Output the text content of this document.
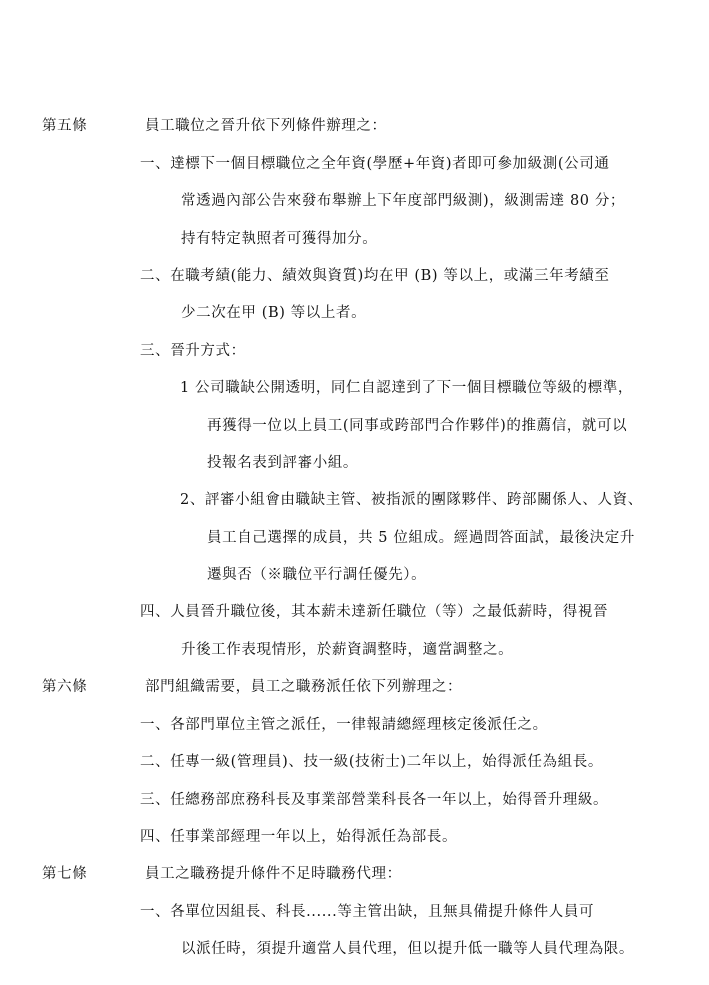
第五條	員工職位之晉升依下列條件辦理之：
一、達標下一個目標職位之全年資(學歷+年資)者即可參加級測(公司通
常透過內部公告來發布舉辦上下年度部門級測)，級測需達 80 分；
持有特定執照者可獲得加分。
二、在職考績(能力、績效與資質)均在甲 (B) 等以上，或滿三年考績至
少二次在甲 (B) 等以上者。
三、晉升方式：
1 公司職缺公開透明，同仁自認達到了下一個目標職位等級的標準，
再獲得一位以上員工(同事或跨部門合作夥伴)的推薦信，就可以
投報名表到評審小組。
2、評審小組會由職缺主管、被指派的團隊夥伴、跨部關係人、人資、
員工自己選擇的成員，共 5 位組成。經過問答面試，最後決定升
遷與否（※職位平行調任優先）。
四、人員晉升職位後，其本薪未達新任職位（等）之最低薪時，得視晉
升後工作表現情形，於薪資調整時，適當調整之。
第六條	部門組織需要，員工之職務派任依下列辦理之：
一、各部門單位主管之派任，一律報請總經理核定後派任之。
二、任專一級(管理員)、技一級(技術士)二年以上，始得派任為組長。
三、任總務部庶務科長及事業部營業科長各一年以上，始得晉升理級。
四、任事業部經理一年以上，始得派任為部長。
第七條	員工之職務提升條件不足時職務代理：
一、各單位因組長、科長......等主管出缺，且無具備提升條件人員可
以派任時，須提升適當人員代理，但以提升低一職等人員代理為限。
